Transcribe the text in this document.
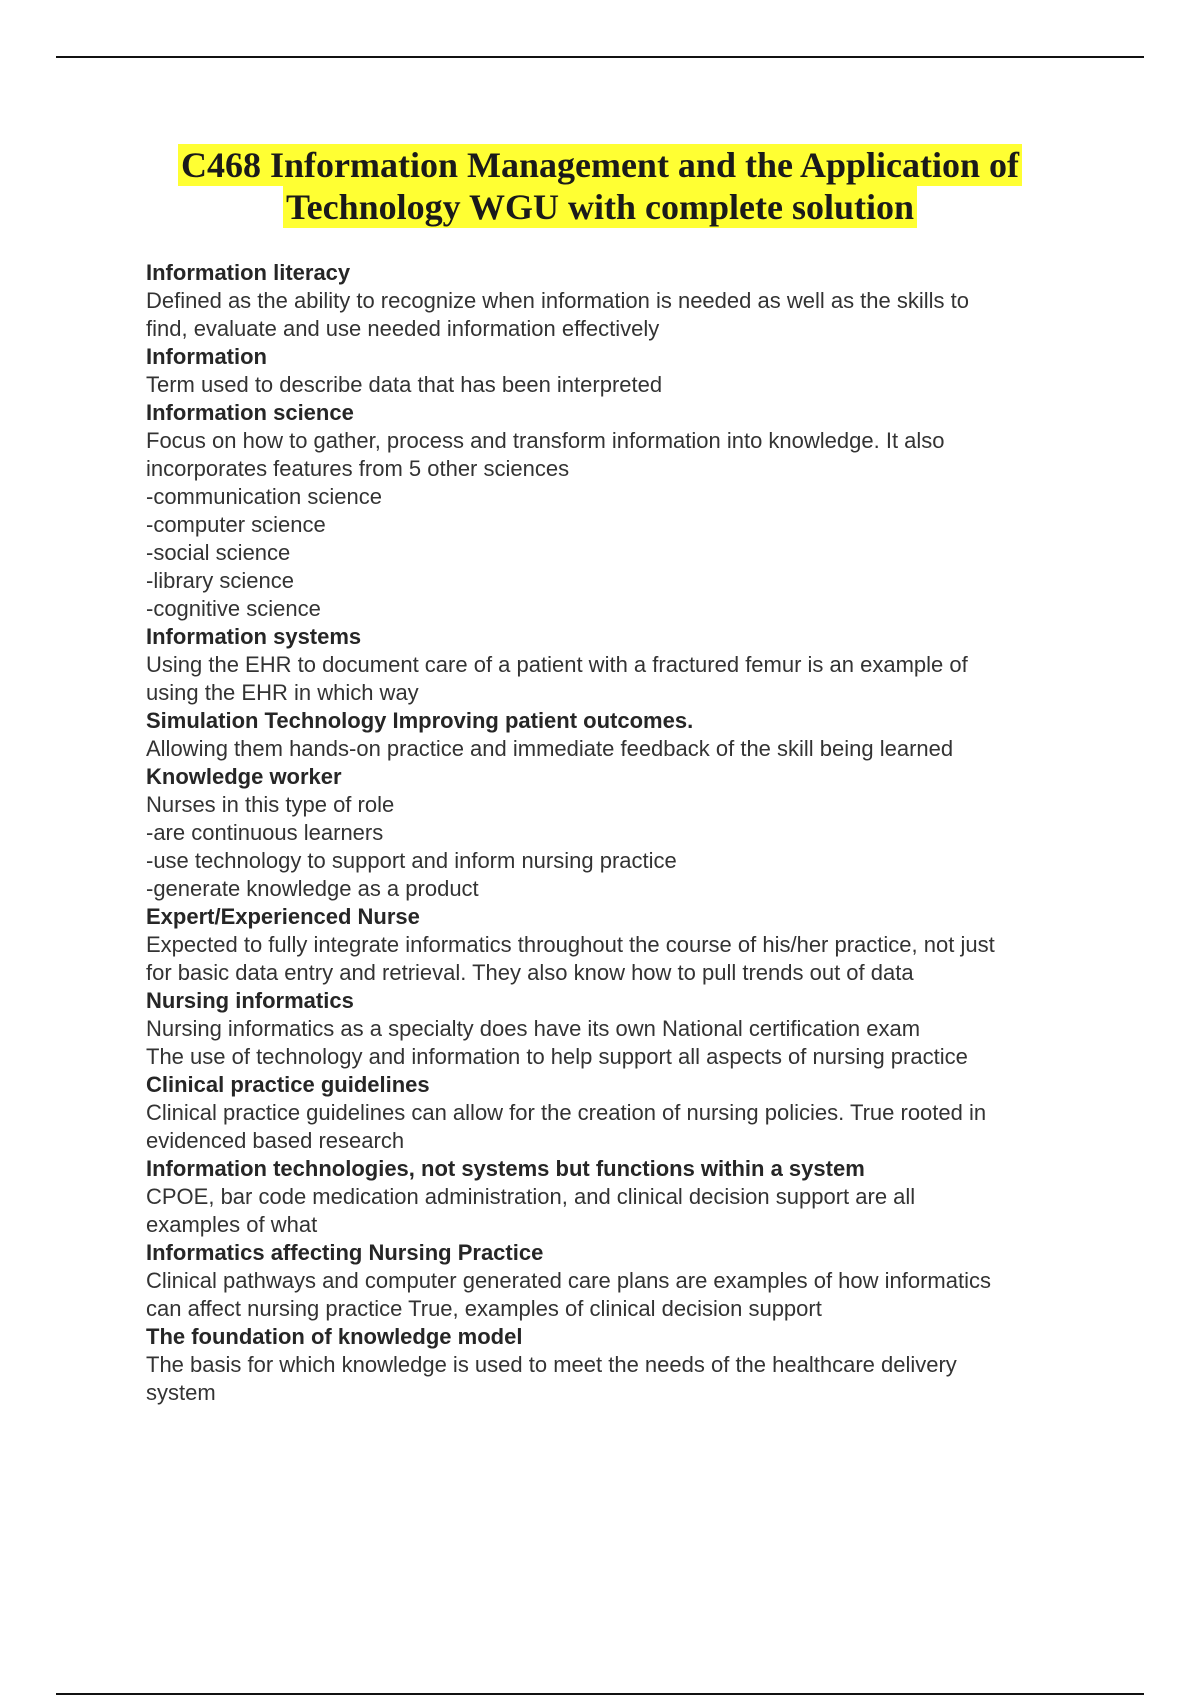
C468 Information Management and the Application of
Technology WGU with complete solution
Information literacy
Defined as the ability to recognize when information is needed as well as the skills to
find, evaluate and use needed information effectively
Information
Term used to describe data that has been interpreted
Information science
Focus on how to gather, process and transform information into knowledge. It also
incorporates features from 5 other sciences
-communication science
-computer science
-social science
-library science
-cognitive science
Information systems
Using the EHR to document care of a patient with a fractured femur is an example of
using the EHR in which way
Simulation Technology Improving patient outcomes.
Allowing them hands-on practice and immediate feedback of the skill being learned
Knowledge worker
Nurses in this type of role
-are continuous learners
-use technology to support and inform nursing practice
-generate knowledge as a product
Expert/Experienced Nurse
Expected to fully integrate informatics throughout the course of his/her practice, not just
for basic data entry and retrieval. They also know how to pull trends out of data
Nursing informatics
Nursing informatics as a specialty does have its own National certification exam
The use of technology and information to help support all aspects of nursing practice
Clinical practice guidelines
Clinical practice guidelines can allow for the creation of nursing policies. True rooted in
evidenced based research
Information technologies, not systems but functions within a system
CPOE, bar code medication administration, and clinical decision support are all
examples of what
Informatics affecting Nursing Practice
Clinical pathways and computer generated care plans are examples of how informatics
can affect nursing practice True, examples of clinical decision support
The foundation of knowledge model
The basis for which knowledge is used to meet the needs of the healthcare delivery
system
